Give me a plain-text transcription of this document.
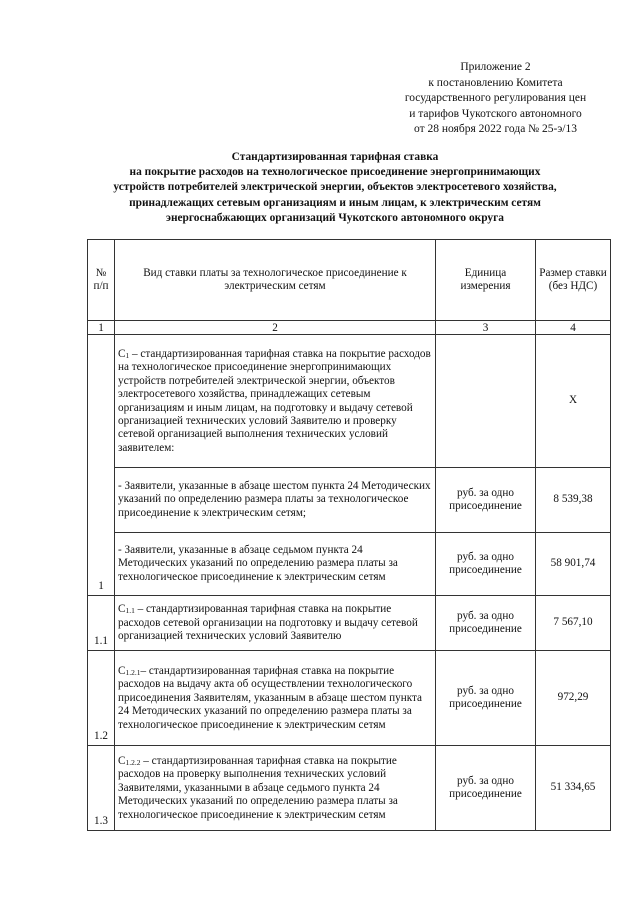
Приложение 2
к постановлению Комитета
государственного регулирования цен
и тарифов Чукотского автономного
от 28 ноября 2022 года № 25-э/13
Стандартизированная тарифная ставка
на покрытие расходов на технологическое присоединение энергопринимающих
устройств потребителей электрической энергии, объектов электросетевого хозяйства,
принадлежащих сетевым организациям и иным лицам, к электрическим сетям
энергоснабжающих организаций Чукотского автономного округа
№ п/п	Вид ставки платы за технологическое присоединение к электрическим сетям	Единица измерения	Размер ставки (без НДС)
1	2	3	4
1	$C_1$ – стандартизированная тарифная ставка на покрытие расходов на технологическое присоединение энергопринимающих устройств потребителей электрической энергии, объектов электросетевого хозяйства, принадлежащих сетевым организациям и иным лицам, на подготовку и выдачу сетевой организацией технических условий Заявителю и проверку сетевой организацией выполнения технических условий заявителем:		X
	- Заявители, указанные в абзаце шестом пункта 24 Методических указаний по определению размера платы за технологическое присоединение к электрическим сетям;	руб. за одно присоединение	8 539,38
	- Заявители, указанные в абзаце седьмом пункта 24 Методических указаний по определению размера платы за технологическое присоединение к электрическим сетям	руб. за одно присоединение	58 901,74
1.1	$C_{1.1}$ – стандартизированная тарифная ставка на покрытие расходов сетевой организации на подготовку и выдачу сетевой организацией технических условий Заявителю	руб. за одно присоединение	7 567,10
1.2	$C_{1.2.1}-$ стандартизированная тарифная ставка на покрытие расходов на выдачу акта об осуществлении технологического присоединения Заявителям, указанным в абзаце шестом пункта 24 Методических указаний по определению размера платы за технологическое присоединение к электрическим сетям	руб. за одно присоединение	972,29
1.3	$C_{1.2.2}$ – стандартизированная тарифная ставка на покрытие расходов на проверку выполнения технических условий Заявителями, указанными в абзаце седьмого пункта 24 Методических указаний по определению размера платы за технологическое присоединение к электрическим сетям	руб. за одно присоединение	51 334,65
